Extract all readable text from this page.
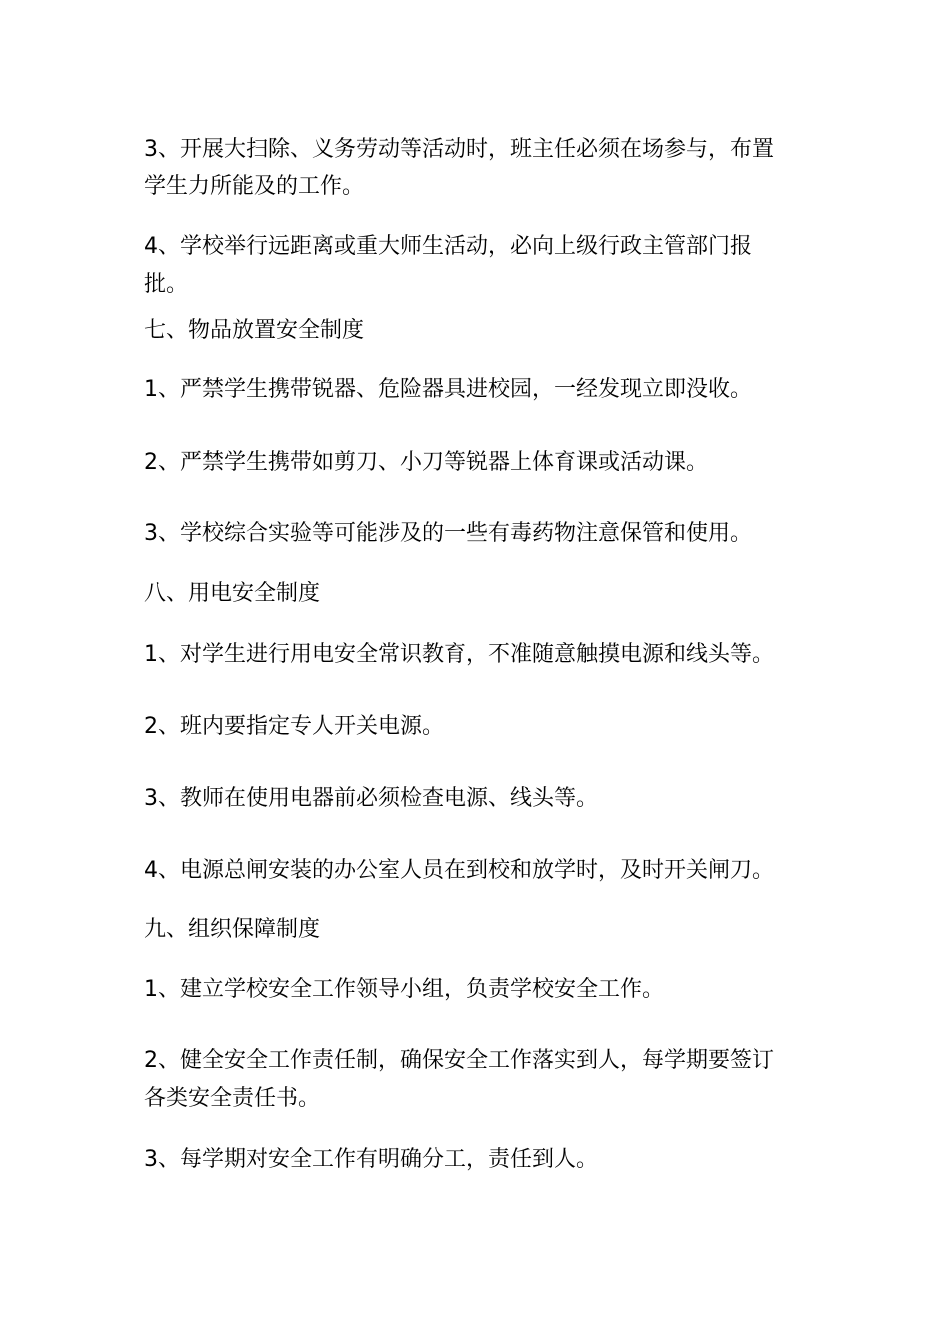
3、开展大扫除、义务劳动等活动时，班主任必须在场参与，布置
学生力所能及的工作。
4、学校举行远距离或重大师生活动，必向上级行政主管部门报
批。
七、物品放置安全制度
1、严禁学生携带锐器、危险器具进校园，一经发现立即没收。
2、严禁学生携带如剪刀、小刀等锐器上体育课或活动课。
3、学校综合实验等可能涉及的一些有毒药物注意保管和使用。
八、用电安全制度
1、对学生进行用电安全常识教育，不准随意触摸电源和线头等。
2、班内要指定专人开关电源。
3、教师在使用电器前必须检查电源、线头等。
4、电源总闸安装的办公室人员在到校和放学时，及时开关闸刀。
九、组织保障制度
1、建立学校安全工作领导小组，负责学校安全工作。
2、健全安全工作责任制，确保安全工作落实到人，每学期要签订
各类安全责任书。
3、每学期对安全工作有明确分工，责任到人。
